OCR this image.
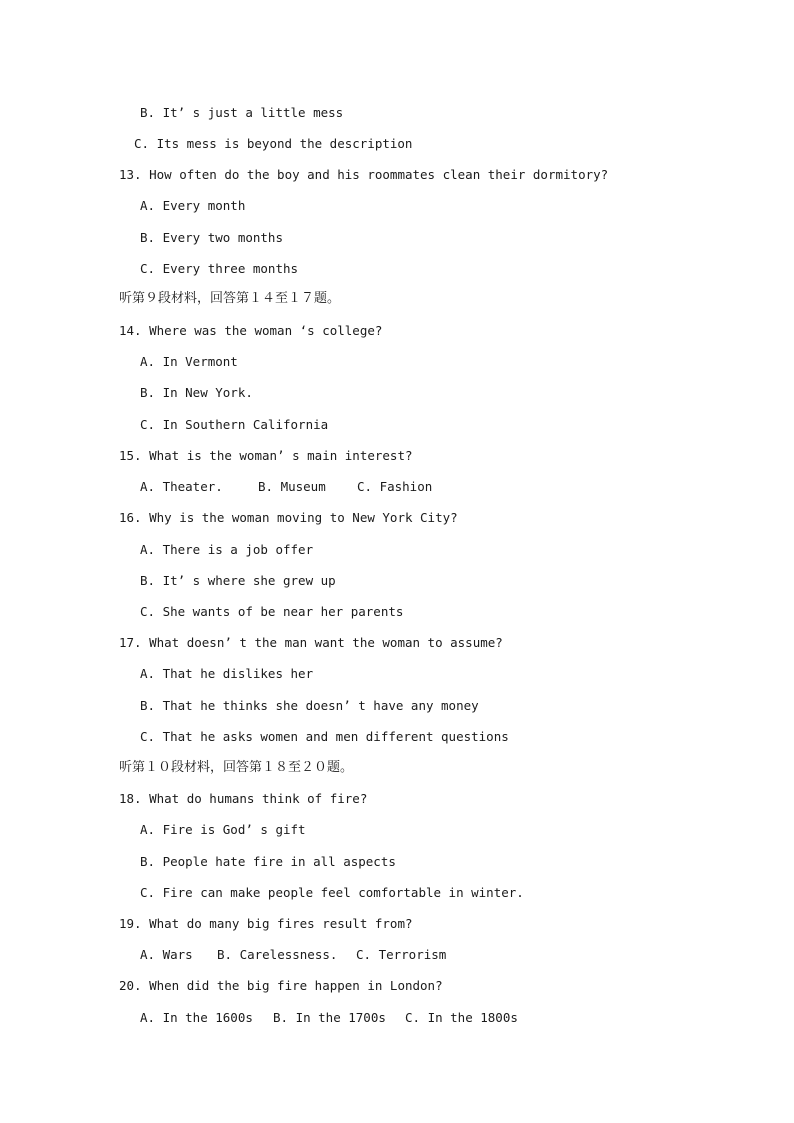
B. It’ s just a little mess
C. Its mess is beyond the description
13. How often do the boy and his roommates clean their dormitory?
A. Every month
B. Every two months
C. Every three months
听第９段材料，回答第１４至１７题。
14. Where was the woman ‘s college?
A. In Vermont
B. In New York.
C. In Southern California
15. What is the woman’ s main interest?
A. Theater.	B. Museum	C. Fashion
16. Why is the woman moving to New York City?
A. There is a job offer
B. It’ s where she grew up
C. She wants of be near her parents
17. What doesn’ t the man want the woman to assume?
A. That he dislikes her
B. That he thinks she doesn’ t have any money
C. That he asks women and men different questions
听第１０段材料，回答第１８至２０题。
18. What do humans think of fire?
A. Fire is God’ s gift
B. People hate fire in all aspects
C. Fire can make people feel comfortable in winter.
19. What do many big fires result from?
A. Wars B. Carelessness. C. Terrorism
20. When did the big fire happen in London?
A. In the 1600s B. In the 1700s C. In the 1800s
